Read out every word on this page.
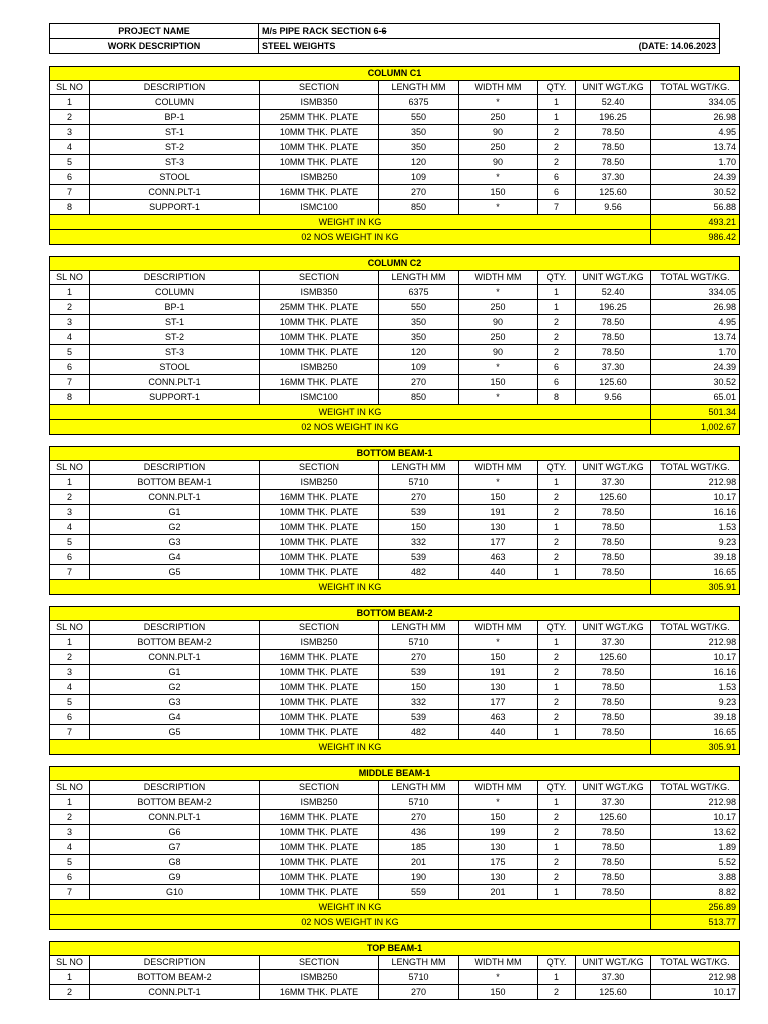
PROJECT NAME	M/s PIPE RACK SECTION 6-6
WORK DESCRIPTION	STEEL WEIGHTS (DATE: 14.06.2023
COLUMN C1							
SL NO	DESCRIPTION	SECTION	LENGTH MM	WIDTH MM	QTY.	UNIT WGT./KG	TOTAL WGT/KG.
1	COLUMN	ISMB350	6375	*	1	52.40	334.05
2	BP-1	25MM THK. PLATE	550	250	1	196.25	26.98
3	ST-1	10MM THK. PLATE	350	90	2	78.50	4.95
4	ST-2	10MM THK. PLATE	350	250	2	78.50	13.74
5	ST-3	10MM THK. PLATE	120	90	2	78.50	1.70
6	STOOL	ISMB250	109	*	6	37.30	24.39
7	CONN.PLT-1	16MM THK. PLATE	270	150	6	125.60	30.52
8	SUPPORT-1	ISMC100	850	*	7	9.56	56.88
WEIGHT IN KG							493.21
02 NOS WEIGHT IN KG							986.42
COLUMN C2							
SL NO	DESCRIPTION	SECTION	LENGTH MM	WIDTH MM	QTY.	UNIT WGT./KG	TOTAL WGT/KG.
1	COLUMN	ISMB350	6375	*	1	52.40	334.05
2	BP-1	25MM THK. PLATE	550	250	1	196.25	26.98
3	ST-1	10MM THK. PLATE	350	90	2	78.50	4.95
4	ST-2	10MM THK. PLATE	350	250	2	78.50	13.74
5	ST-3	10MM THK. PLATE	120	90	2	78.50	1.70
6	STOOL	ISMB250	109	*	6	37.30	24.39
7	CONN.PLT-1	16MM THK. PLATE	270	150	6	125.60	30.52
8	SUPPORT-1	ISMC100	850	*	8	9.56	65.01
WEIGHT IN KG							501.34
02 NOS WEIGHT IN KG							1,002.67
BOTTOM BEAM-1							
SL NO	DESCRIPTION	SECTION	LENGTH MM	WIDTH MM	QTY.	UNIT WGT./KG	TOTAL WGT/KG.
1	BOTTOM BEAM-1	ISMB250	5710	*	1	37.30	212.98
2	CONN.PLT-1	16MM THK. PLATE	270	150	2	125.60	10.17
3	G1	10MM THK. PLATE	539	191	2	78.50	16.16
4	G2	10MM THK. PLATE	150	130	1	78.50	1.53
5	G3	10MM THK. PLATE	332	177	2	78.50	9.23
6	G4	10MM THK. PLATE	539	463	2	78.50	39.18
7	G5	10MM THK. PLATE	482	440	1	78.50	16.65
WEIGHT IN KG							305.91
BOTTOM BEAM-2							
SL NO	DESCRIPTION	SECTION	LENGTH MM	WIDTH MM	QTY.	UNIT WGT./KG	TOTAL WGT/KG.
1	BOTTOM BEAM-2	ISMB250	5710	*	1	37.30	212.98
2	CONN.PLT-1	16MM THK. PLATE	270	150	2	125.60	10.17
3	G1	10MM THK. PLATE	539	191	2	78.50	16.16
4	G2	10MM THK. PLATE	150	130	1	78.50	1.53
5	G3	10MM THK. PLATE	332	177	2	78.50	9.23
6	G4	10MM THK. PLATE	539	463	2	78.50	39.18
7	G5	10MM THK. PLATE	482	440	1	78.50	16.65
WEIGHT IN KG							305.91
MIDDLE BEAM-1							
SL NO	DESCRIPTION	SECTION	LENGTH MM	WIDTH MM	QTY.	UNIT WGT./KG	TOTAL WGT/KG.
1	BOTTOM BEAM-2	ISMB250	5710	*	1	37.30	212.98
2	CONN.PLT-1	16MM THK. PLATE	270	150	2	125.60	10.17
3	G6	10MM THK. PLATE	436	199	2	78.50	13.62
4	G7	10MM THK. PLATE	185	130	1	78.50	1.89
5	G8	10MM THK. PLATE	201	175	2	78.50	5.52
6	G9	10MM THK. PLATE	190	130	2	78.50	3.88
7	G10	10MM THK. PLATE	559	201	1	78.50	8.82
WEIGHT IN KG							256.89
02 NOS WEIGHT IN KG							513.77
TOP BEAM-1							
SL NO	DESCRIPTION	SECTION	LENGTH MM	WIDTH MM	QTY.	UNIT WGT./KG	TOTAL WGT/KG.
1	BOTTOM BEAM-2	ISMB250	5710	*	1	37.30	212.98
2	CONN.PLT-1	16MM THK. PLATE	270	150	2	125.60	10.17
